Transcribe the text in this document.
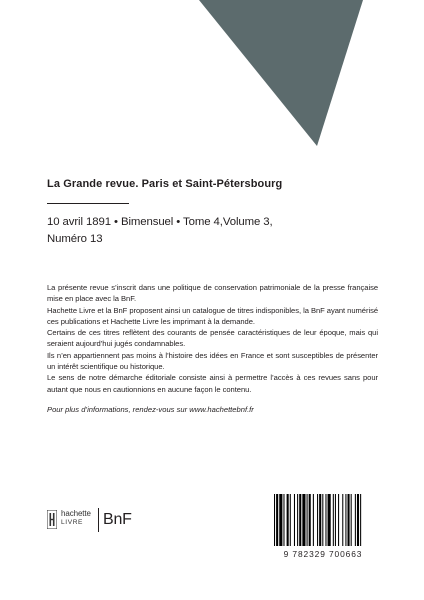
La Grande revue. Paris et Saint-Pétersbourg
10 avril 1891 • Bimensuel • Tome 4,Volume 3, Numéro 13

La présente revue s’inscrit dans une politique de conservation patrimoniale de la presse française mise en place avec la BnF.

Hachette Livre et la BnF proposent ainsi un catalogue de titres indisponibles, la BnF ayant numérisé ces publications et Hachette Livre les imprimant à la demande.

Certains de ces titres reflètent des courants de pensée caractéristiques de leur époque, mais qui seraient aujourd’hui jugés condamnables.

Ils n’en appartiennent pas moins à l’histoire des idées en France et sont susceptibles de présenter un intérêt scientifique ou historique.

Le sens de notre démarche éditoriale consiste ainsi à permettre l’accès à ces revues sans pour autant que nous en cautionnions en aucune façon le contenu.

Pour plus d’informations, rendez-vous sur www.hachettebnf.fr
hachette
LIVRE	BnF
9 782329 700663
